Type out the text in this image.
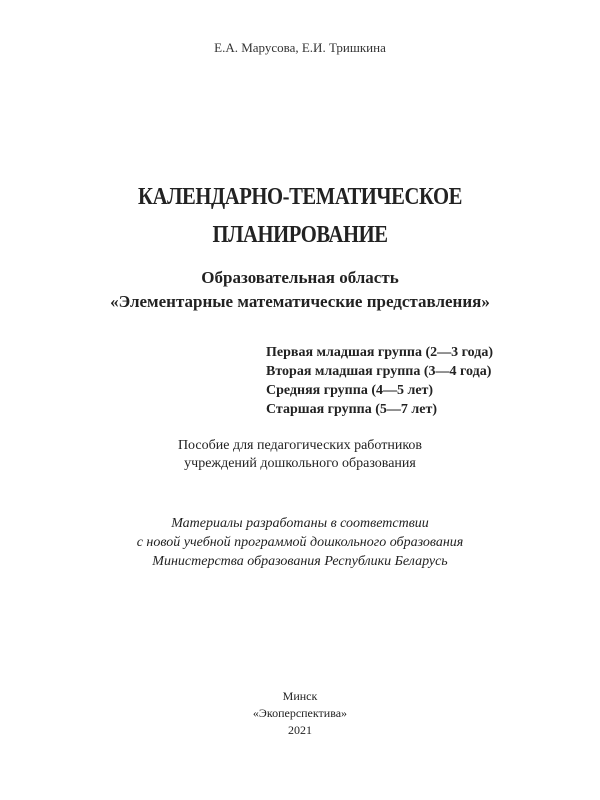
Е.А. Марусова, Е.И. Тришкина
КАЛЕНДАРНО-ТЕМАТИЧЕСКОЕ
ПЛАНИРОВАНИЕ
Образовательная область
«Элементарные математические представления»
Первая младшая группа (2—3 года)
Вторая младшая группа (3—4 года)
Средняя группа (4—5 лет)
Старшая группа (5—7 лет)
Пособие для педагогических работников
учреждений дошкольного образования
Материалы разработаны в соответствии
с новой учебной программой дошкольного образования
Министерства образования Республики Беларусь
Минск
«Экоперспектива»
2021
